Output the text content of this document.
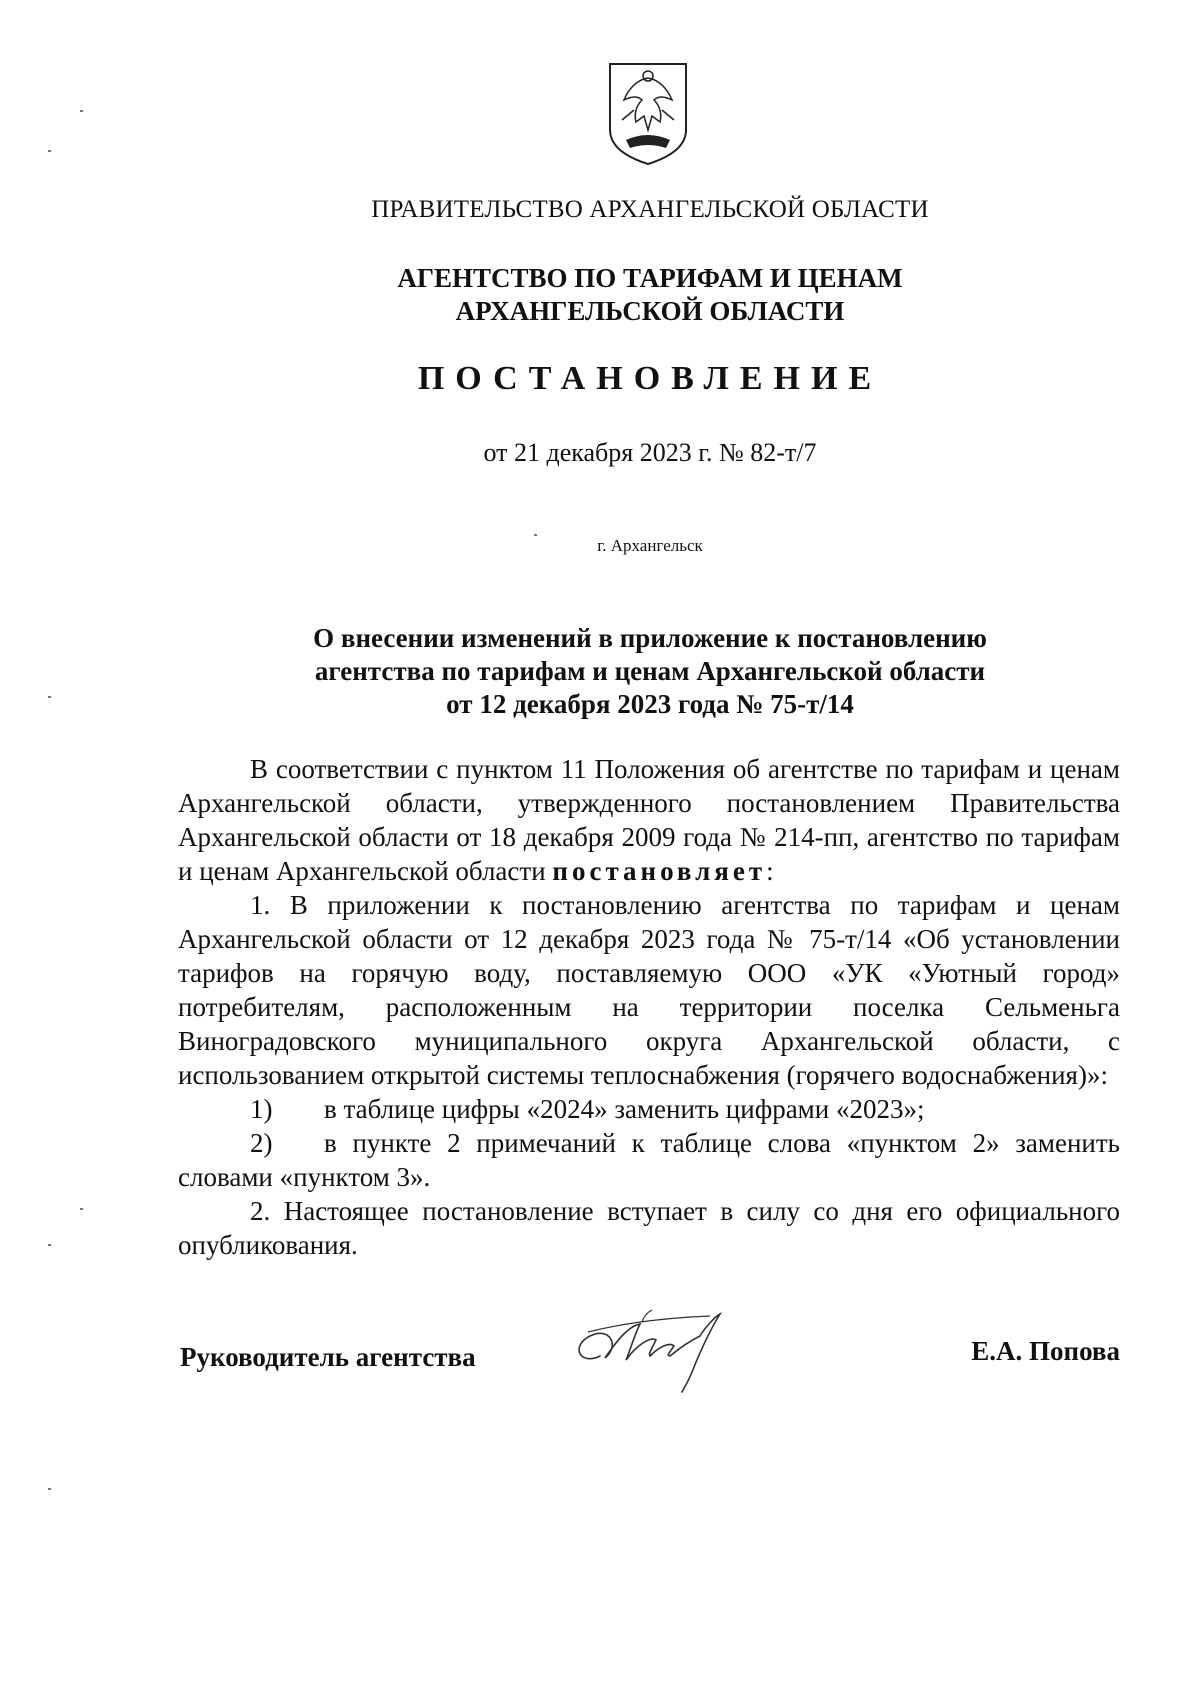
ПРАВИТЕЛЬСТВО АРХАНГЕЛЬСКОЙ ОБЛАСТИ
АГЕНТСТВО ПО ТАРИФАМ И ЦЕНАМ
АРХАНГЕЛЬСКОЙ ОБЛАСТИ
ПОСТАНОВЛЕНИЕ
от 21 декабря 2023 г. № 82-т/7
г. Архангельск
О внесении изменений в приложение к постановлению
агентства по тарифам и ценам Архангельской области
от 12 декабря 2023 года № 75-т/14

В соответствии с пунктом 11 Положения об агентстве по тарифам и ценам Архангельской области, утвержденного постановлением Правительства Архангельской области от 18 декабря 2009 года № 214-пп, агентство по тарифам и ценам Архангельской области постановляет:

1. В приложении к постановлению агентства по тарифам и ценам Архангельской области от 12 декабря 2023 года № 75-т/14 «Об установлении тарифов на горячую воду, поставляемую ООО «УК «Уютный город» потребителям, расположенным на территории поселка Сельменьга Виноградовского муниципального округа Архангельской области, с использованием открытой системы теплоснабжения (горячего водоснабжения)»:

1)	в таблице цифры «2024» заменить цифрами «2023»;

2) в пункте 2 примечаний к таблице слова «пунктом 2» заменить словами «пунктом 3».

2. Настоящее постановление вступает в силу со дня его официального опубликования.

Руководитель агентства	Е.А. Попова
